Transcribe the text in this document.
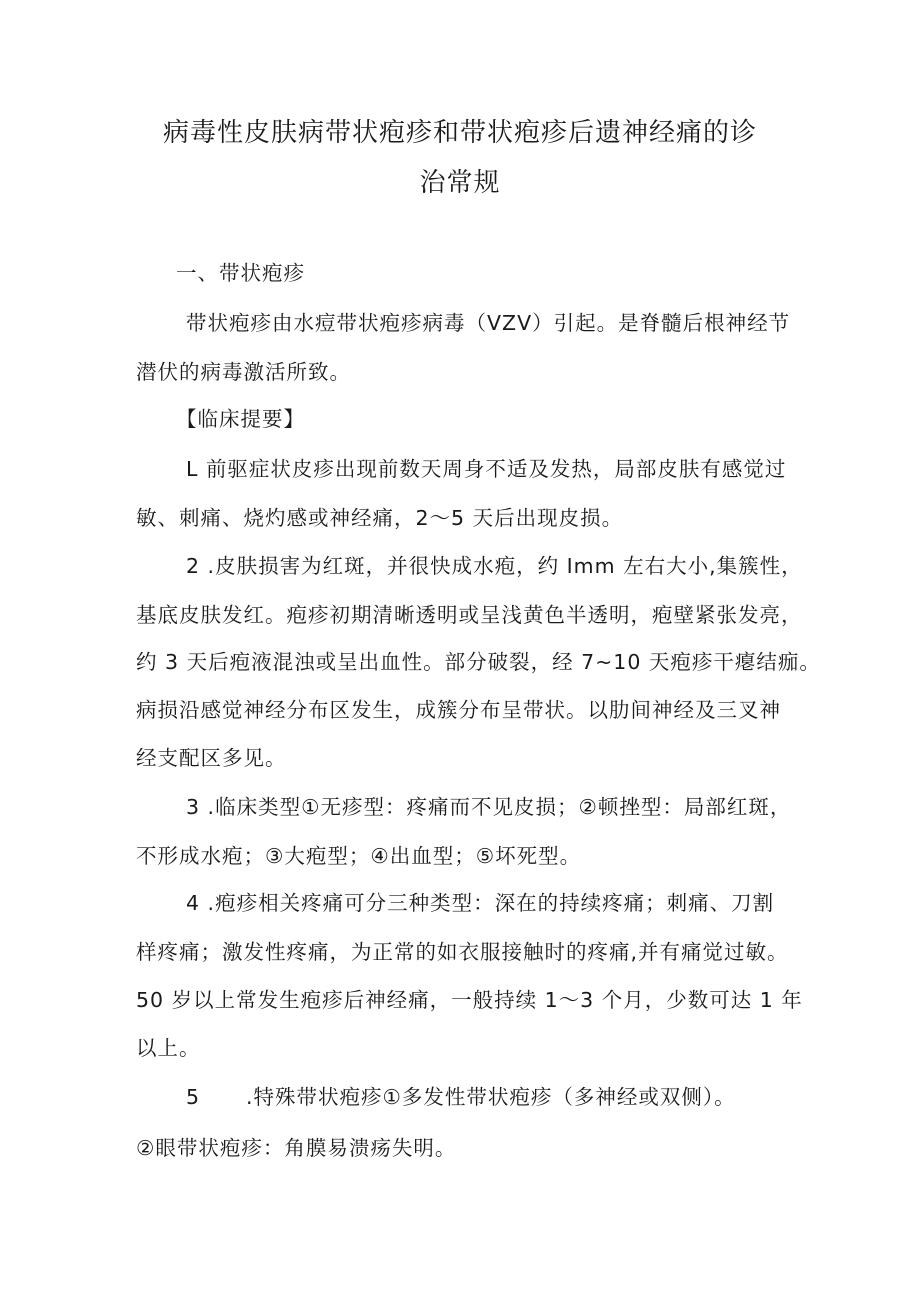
病毒性皮肤病带状疱疹和带状疱疹后遗神经痛的诊
治常规
一、带状疱疹
带状疱疹由水痘带状疱疹病毒（VZV）引起。是脊髓后根神经节
潜伏的病毒激活所致。
【临床提要】
L 前驱症状皮疹出现前数天周身不适及发热，局部皮肤有感觉过
敏、刺痛、烧灼感或神经痛，2～5 天后出现皮损。
2 .皮肤损害为红斑，并很快成水疱，约 Imm 左右大小,集簇性，
基底皮肤发红。疱疹初期清晰透明或呈浅黄色半透明，疱壁紧张发亮，
约 3 天后疱液混浊或呈出血性。部分破裂，经 7~10 天疱疹干瘪结痂。
病损沿感觉神经分布区发生，成簇分布呈带状。以肋间神经及三叉神
经支配区多见。
3 .临床类型①无疹型：疼痛而不见皮损；②顿挫型：局部红斑，
不形成水疱；③大疱型；④出血型；⑤坏死型。
4 .疱疹相关疼痛可分三种类型：深在的持续疼痛；刺痛、刀割
样疼痛；激发性疼痛，为正常的如衣服接触时的疼痛,并有痛觉过敏。
50 岁以上常发生疱疹后神经痛，一般持续 1～3 个月，少数可达 1 年
以上。
5 .特殊带状疱疹①多发性带状疱疹（多神经或双侧）。
②眼带状疱疹：角膜易溃疡失明。
